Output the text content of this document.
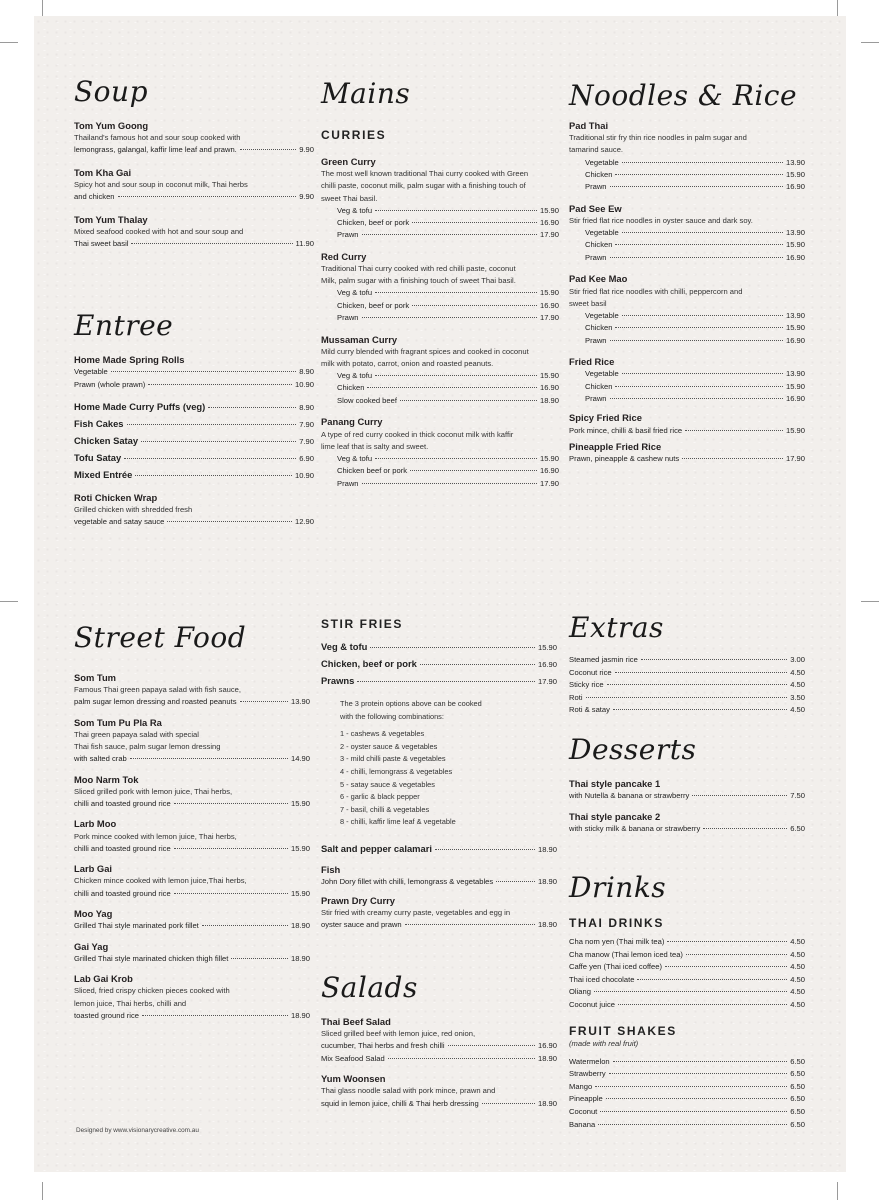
Soup
Tom Yum Goong
Thailand's famous hot and sour soup cooked with
lemongrass, galangal, kaffir lime leaf and prawn.	9.90
Tom Kha Gai
Spicy hot and sour soup in coconut milk, Thai herbs
and chicken	9.90
Tom Yum Thalay
Mixed seafood cooked with hot and sour soup and
Thai sweet basil	11.90
Entree
Home Made Spring Rolls
Vegetable	8.90
Prawn (whole prawn)	10.90
Home Made Curry Puffs (veg)	8.90
Fish Cakes	7.90
Chicken Satay	7.90
Tofu Satay	6.90
Mixed Entrée	10.90
Roti Chicken Wrap
Grilled chicken with shredded fresh
vegetable and satay sauce	12.90
Mains
CURRIES
Green Curry
The most well known traditional Thai curry cooked with Green
chilli paste, coconut milk, palm sugar with a finishing touch of
sweet Thai basil.
Veg & tofu	15.90
Chicken, beef or pork	16.90
Prawn	17.90
Red Curry
Traditional Thai curry cooked with red chilli paste, coconut
Milk, palm sugar with a finishing touch of sweet Thai basil.
Veg & tofu	15.90
Chicken, beef or pork	16.90
Prawn	17.90
Mussaman Curry
Mild curry blended with fragrant spices and cooked in coconut
milk with potato, carrot, onion and roasted peanuts.
Veg & tofu	15.90
Chicken	16.90
Slow cooked beef	18.90
Panang Curry
A type of red curry cooked in thick coconut milk with kaffir
lime leaf that is salty and sweet.
Veg & tofu	15.90
Chicken beef or pork	16.90
Prawn	17.90
Noodles & Rice
Pad Thai
Traditional stir fry thin rice noodles in palm sugar and
tamarind sauce.
Vegetable	13.90
Chicken	15.90
Prawn	16.90
Pad See Ew
Stir fried flat rice noodles in oyster sauce and dark soy.
Vegetable	13.90
Chicken	15.90
Prawn	16.90
Pad Kee Mao
Stir fried flat rice noodles with chilli, peppercorn and
sweet basil
Vegetable	13.90
Chicken	15.90
Prawn	16.90
Fried Rice
Vegetable	13.90
Chicken	15.90
Prawn	16.90
Spicy Fried Rice
Pork mince, chilli & basil fried rice	15.90
Pineapple Fried Rice
Prawn, pineapple & cashew nuts	17.90
Street Food
Som Tum
Famous Thai green papaya salad with fish sauce,
palm sugar lemon dressing and roasted peanuts	13.90
Som Tum Pu Pla Ra
Thai green papaya salad with special
Thai fish sauce, palm sugar lemon dressing
with salted crab	14.90
Moo Narm Tok
Sliced grilled pork with lemon juice, Thai herbs,
chilli and toasted ground rice	15.90
Larb Moo
Pork mince cooked with lemon juice, Thai herbs,
chilli and toasted ground rice	15.90
Larb Gai
Chicken mince cooked with lemon juice,Thai herbs,
chilli and toasted ground rice	15.90
Moo Yag
Grilled Thai style marinated pork fillet	18.90
Gai Yag
Grilled Thai style marinated chicken thigh fillet	18.90
Lab Gai Krob
Sliced, fried crispy chicken pieces cooked with
lemon juice, Thai herbs, chilli and
toasted ground rice	18.90
Designed by www.visionarycreative.com.au
STIR FRIES
Veg & tofu	15.90
Chicken, beef or pork	16.90
Prawns	17.90
The 3 protein options above can be cooked
with the following combinations:
1 - cashews & vegetables
2 - oyster sauce & vegetables
3 - mild chilli paste & vegetables
4 - chilli, lemongrass & vegetables
5 - satay sauce & vegetables
6 - garlic & black pepper
7 - basil, chilli & vegetables
8 - chilli, kaffir lime leaf & vegetable
Salt and pepper calamari	18.90
Fish
John Dory fillet with chilli, lemongrass & vegetables	18.90
Prawn Dry Curry
Stir fried with creamy curry paste, vegetables and egg in
oyster sauce and prawn	18.90
Salads
Thai Beef Salad
Sliced grilled beef with lemon juice, red onion,
cucumber, Thai herbs and fresh chilli	16.90
Mix Seafood Salad	18.90
Yum Woonsen
Thai glass noodle salad with pork mince, prawn and
squid in lemon juice, chilli & Thai herb dressing	18.90
Extras
Steamed jasmin rice	3.00
Coconut rice	4.50
Sticky rice	4.50
Roti	3.50
Roti & satay	4.50
Desserts
Thai style pancake 1
with Nutella & banana or strawberry	7.50
Thai style pancake 2
with sticky milk & banana or strawberry	6.50
Drinks
THAI DRINKS
Cha nom yen (Thai milk tea)	4.50
Cha manow (Thai lemon iced tea)	4.50
Caffe yen (Thai iced coffee)	4.50
Thai iced chocolate	4.50
Oliang	4.50
Coconut juice	4.50
FRUIT SHAKES
(made with real fruit)
Watermelon	6.50
Strawberry	6.50
Mango	6.50
Pineapple	6.50
Coconut	6.50
Banana	6.50
